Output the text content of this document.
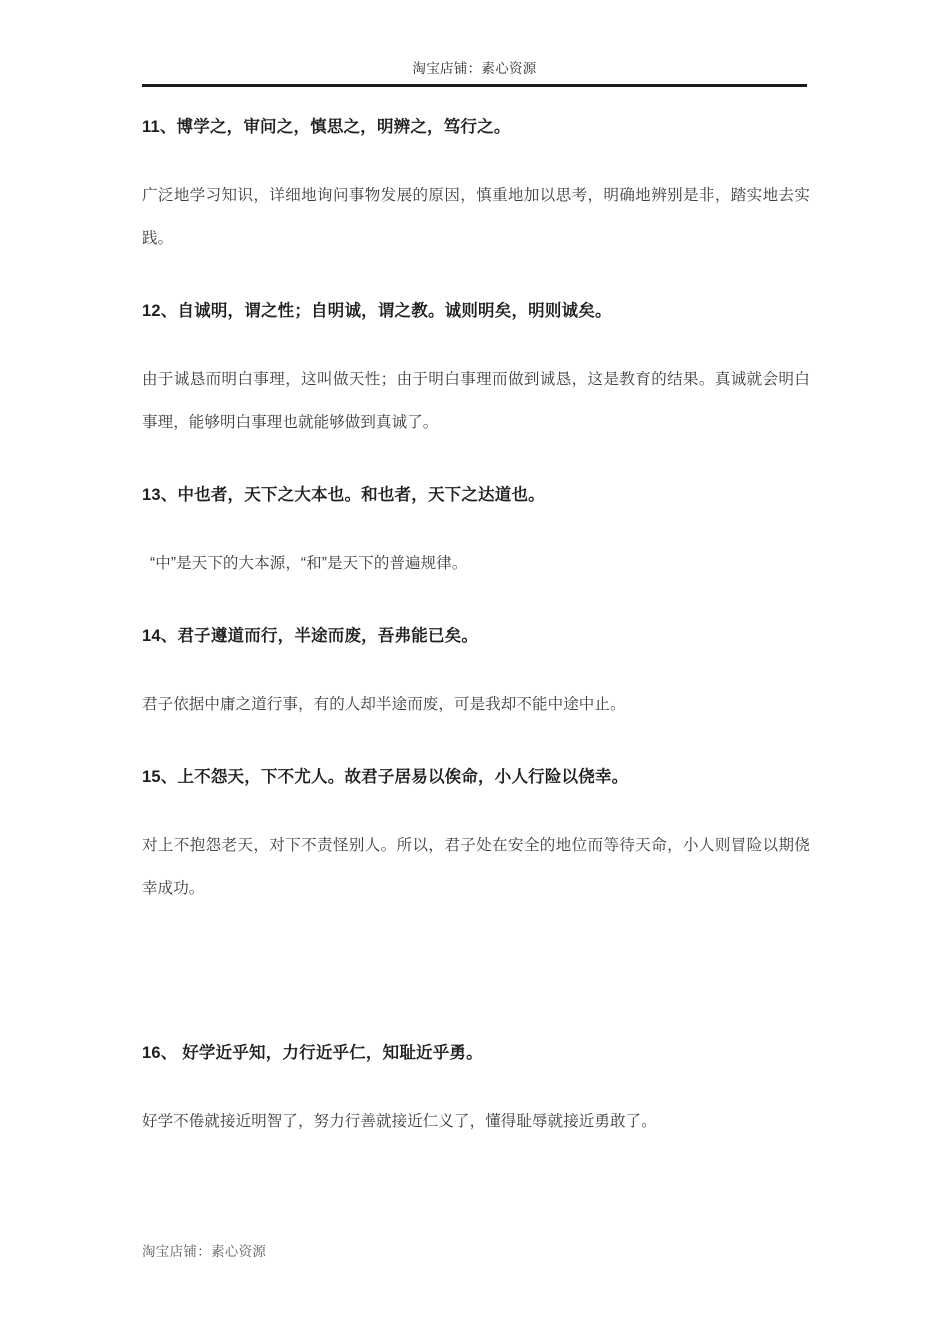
淘宝店铺：素心资源

11、博学之，审问之，慎思之，明辨之，笃行之。

广泛地学习知识，详细地询问事物发展的原因，慎重地加以思考，明确地辨别是非，踏实地去实践。

12、自诚明，谓之性；自明诚，谓之教。诚则明矣，明则诚矣。

由于诚恳而明白事理，这叫做天性；由于明白事理而做到诚恳，这是教育的结果。真诚就会明白事理，能够明白事理也就能够做到真诚了。

13、中也者，天下之大本也。和也者，天下之达道也。

“中”是天下的大本源，“和”是天下的普遍规律。

14、君子遵道而行，半途而废，吾弗能已矣。

君子依据中庸之道行事，有的人却半途而废，可是我却不能中途中止。

15、上不怨天，下不尤人。故君子居易以俟命，小人行险以侥幸。

对上不抱怨老天，对下不责怪别人。所以，君子处在安全的地位而等待天命，小人则冒险以期侥幸成功。

16、 好学近乎知，力行近乎仁，知耻近乎勇。

好学不倦就接近明智了，努力行善就接近仁义了，懂得耻辱就接近勇敢了。

淘宝店铺：素心资源
